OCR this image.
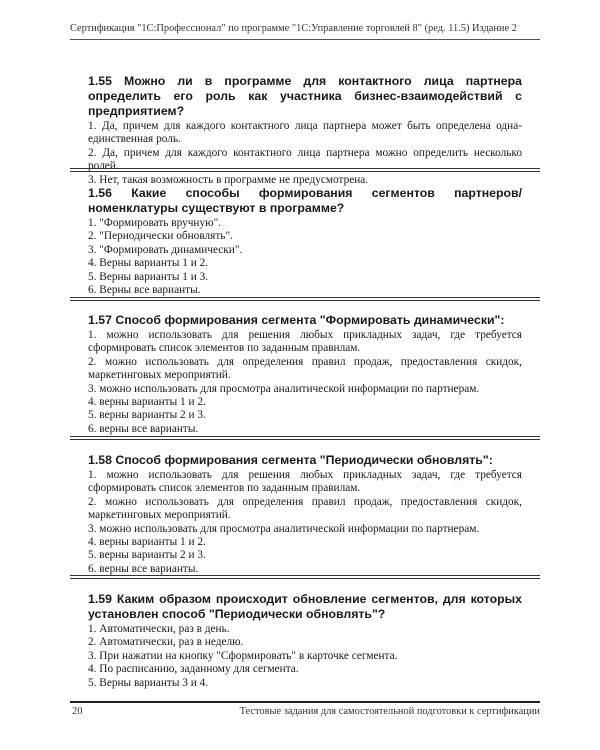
Сертификация "1С:Профессионал" по программе "1С:Управление торговлей 8" (ред. 11.5) Издание 2

1.55 Можно ли в программе для контактного лица партнера определить его роль как участника бизнес-взаимодействий с предприятием?

1. Да, причем для каждого контактного лица партнера может быть определена одна-единственная роль.
2. Да, причем для каждого контактного лица партнера можно определить несколько ролей.
3. Нет, такая возможность в программе не предусмотрена.

1.56 Какие способы формирования сегментов партнеров/номенклатуры существуют в программе?

1. "Формировать вручную".
2. "Периодически обновлять".
3. "Формировать динамически".
4. Верны варианты 1 и 2.
5. Верны варианты 1 и 3.
6. Верны все варианты.

1.57 Способ формирования сегмента "Формировать динамически":

1. можно использовать для решения любых прикладных задач, где требуется сформировать список элементов по заданным правилам.
2. можно использовать для определения правил продаж, предоставления скидок, маркетинговых мероприятий.
3. можно использовать для просмотра аналитической информации по партнерам.
4. верны варианты 1 и 2.
5. верны варианты 2 и 3.
6. верны все варианты.

1.58 Способ формирования сегмента "Периодически обновлять":

1. можно использовать для решения любых прикладных задач, где требуется сформировать список элементов по заданным правилам.
2. можно использовать для определения правил продаж, предоставления скидок, маркетинговых мероприятий.
3. можно использовать для просмотра аналитической информации по партнерам.
4. верны варианты 1 и 2.
5. верны варианты 2 и 3.
6. верны все варианты.

1.59 Каким образом происходит обновление сегментов, для которых установлен способ "Периодически обновлять"?

1. Автоматически, раз в день.
2. Автоматически, раз в неделю.
3. При нажатии на кнопку "Сформировать" в карточке сегмента.
4. По расписанию, заданному для сегмента.
5. Верны варианты 3 и 4.
20	Тестовые задания для самостоятельной подготовки к сертификации
